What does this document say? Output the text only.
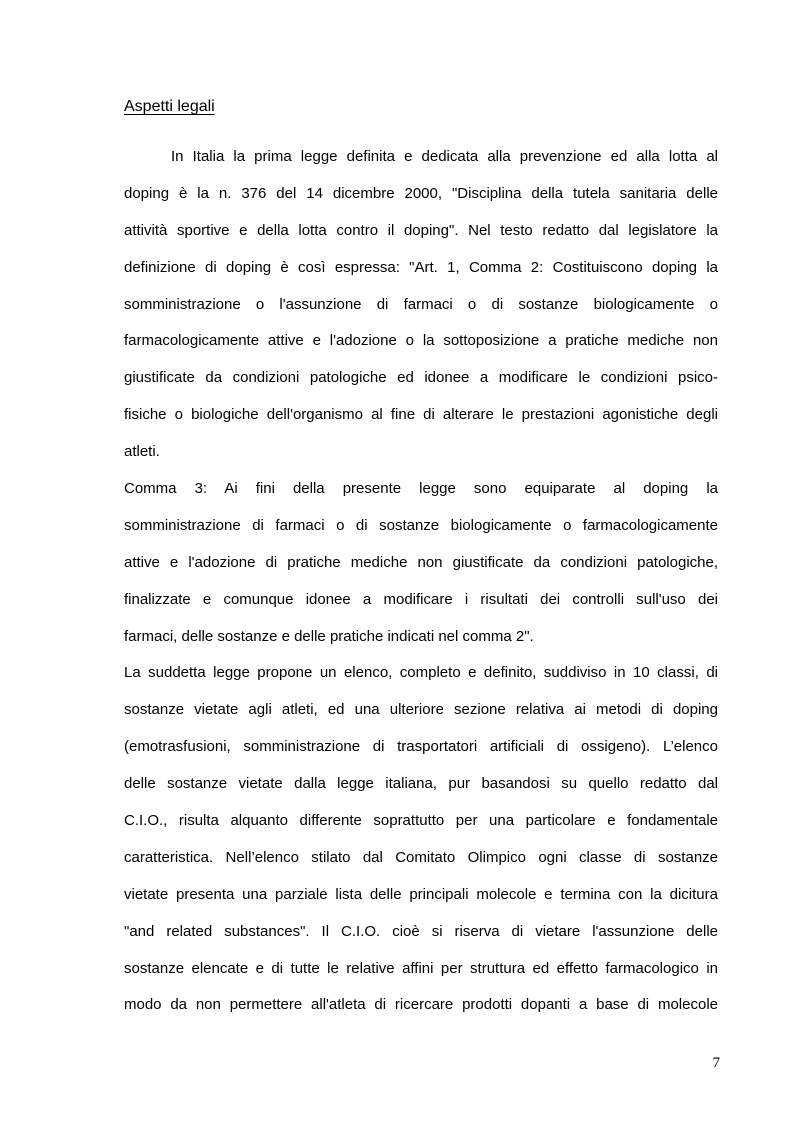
Aspetti legali
In Italia la prima legge definita e dedicata alla prevenzione ed alla lotta al
doping è la n. 376 del 14 dicembre 2000, "Disciplina della tutela sanitaria delle
attività sportive e della lotta contro il doping". Nel testo redatto dal legislatore la
definizione di doping è così espressa: "Art. 1, Comma 2: Costituiscono doping la
somministrazione o l'assunzione di farmaci o di sostanze biologicamente o
farmacologicamente attive e l'adozione o la sottoposizione a pratiche mediche non
giustificate da condizioni patologiche ed idonee a modificare le condizioni psico-
fisiche o biologiche dell'organismo al fine di alterare le prestazioni agonistiche degli
atleti.
Comma 3: Ai fini della presente legge sono equiparate al doping la
somministrazione di farmaci o di sostanze biologicamente o farmacologicamente
attive e l'adozione di pratiche mediche non giustificate da condizioni patologiche,
finalizzate e comunque idonee a modificare i risultati dei controlli sull'uso dei
farmaci, delle sostanze e delle pratiche indicati nel comma 2".
La suddetta legge propone un elenco, completo e definito, suddiviso in 10 classi, di
sostanze vietate agli atleti, ed una ulteriore sezione relativa ai metodi di doping
(emotrasfusioni, somministrazione di trasportatori artificiali di ossigeno). L’elenco
delle sostanze vietate dalla legge italiana, pur basandosi su quello redatto dal
C.I.O., risulta alquanto differente soprattutto per una particolare e fondamentale
caratteristica. Nell’elenco stilato dal Comitato Olimpico ogni classe di sostanze
vietate presenta una parziale lista delle principali molecole e termina con la dicitura
"and related substances". Il C.I.O. cioè si riserva di vietare l'assunzione delle
sostanze elencate e di tutte le relative affini per struttura ed effetto farmacologico in
modo da non permettere all'atleta di ricercare prodotti dopanti a base di molecole
7
